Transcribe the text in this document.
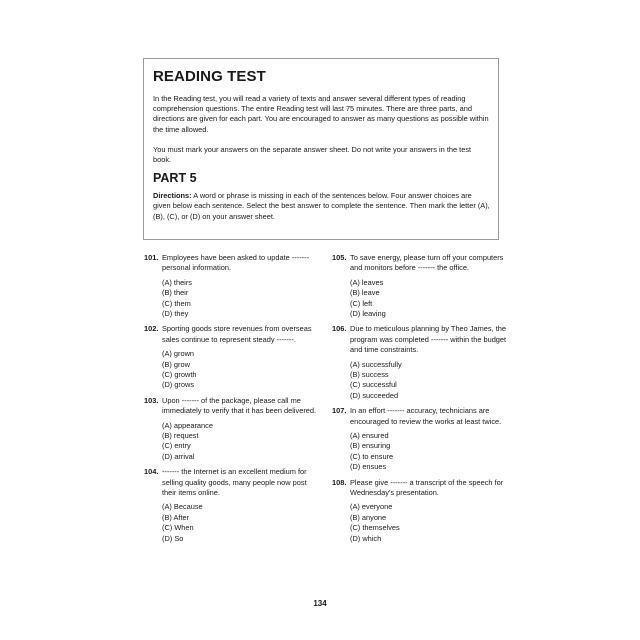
READING TEST

In the Reading test, you will read a variety of texts and answer several different types of reading comprehension questions. The entire Reading test will last 75 minutes. There are three parts, and directions are given for each part. You are encouraged to answer as many questions as possible within the time allowed.

You must mark your answers on the separate answer sheet. Do not write your answers in the test book.

PART 5

Directions: A word or phrase is missing in each of the sentences below. Four answer choices are given below each sentence. Select the best answer to complete the sentence. Then mark the letter (A), (B), (C), or (D) on your answer sheet.

101. Employees have been asked to update ------- personal information.
(A) theirs
(B) their
(C) them
(D) they
102. Sporting goods store revenues from overseas sales continue to represent steady -------.
(A) grown
(B) grow
(C) growth
(D) grows
103. Upon ------- of the package, please call me immediately to verify that it has been delivered.
(A) appearance
(B) request
(C) entry
(D) arrival
104. ------- the Internet is an excellent medium for selling quality goods, many people now post their items online.
(A) Because
(B) After
(C) When
(D) So
105. To save energy, please turn off your computers and monitors before ------- the office.
(A) leaves
(B) leave
(C) left
(D) leaving
106. Due to meticulous planning by Theo James, the program was completed ------- within the budget and time constraints.
(A) successfully
(B) success
(C) successful
(D) succeeded
107. In an effort ------- accuracy, technicians are encouraged to review the works at least twice.
(A) ensured
(B) ensuring
(C) to ensure
(D) ensues
108. Please give ------- a transcript of the speech for Wednesday’s presentation.
(A) everyone
(B) anyone
(C) themselves
(D) which
134
